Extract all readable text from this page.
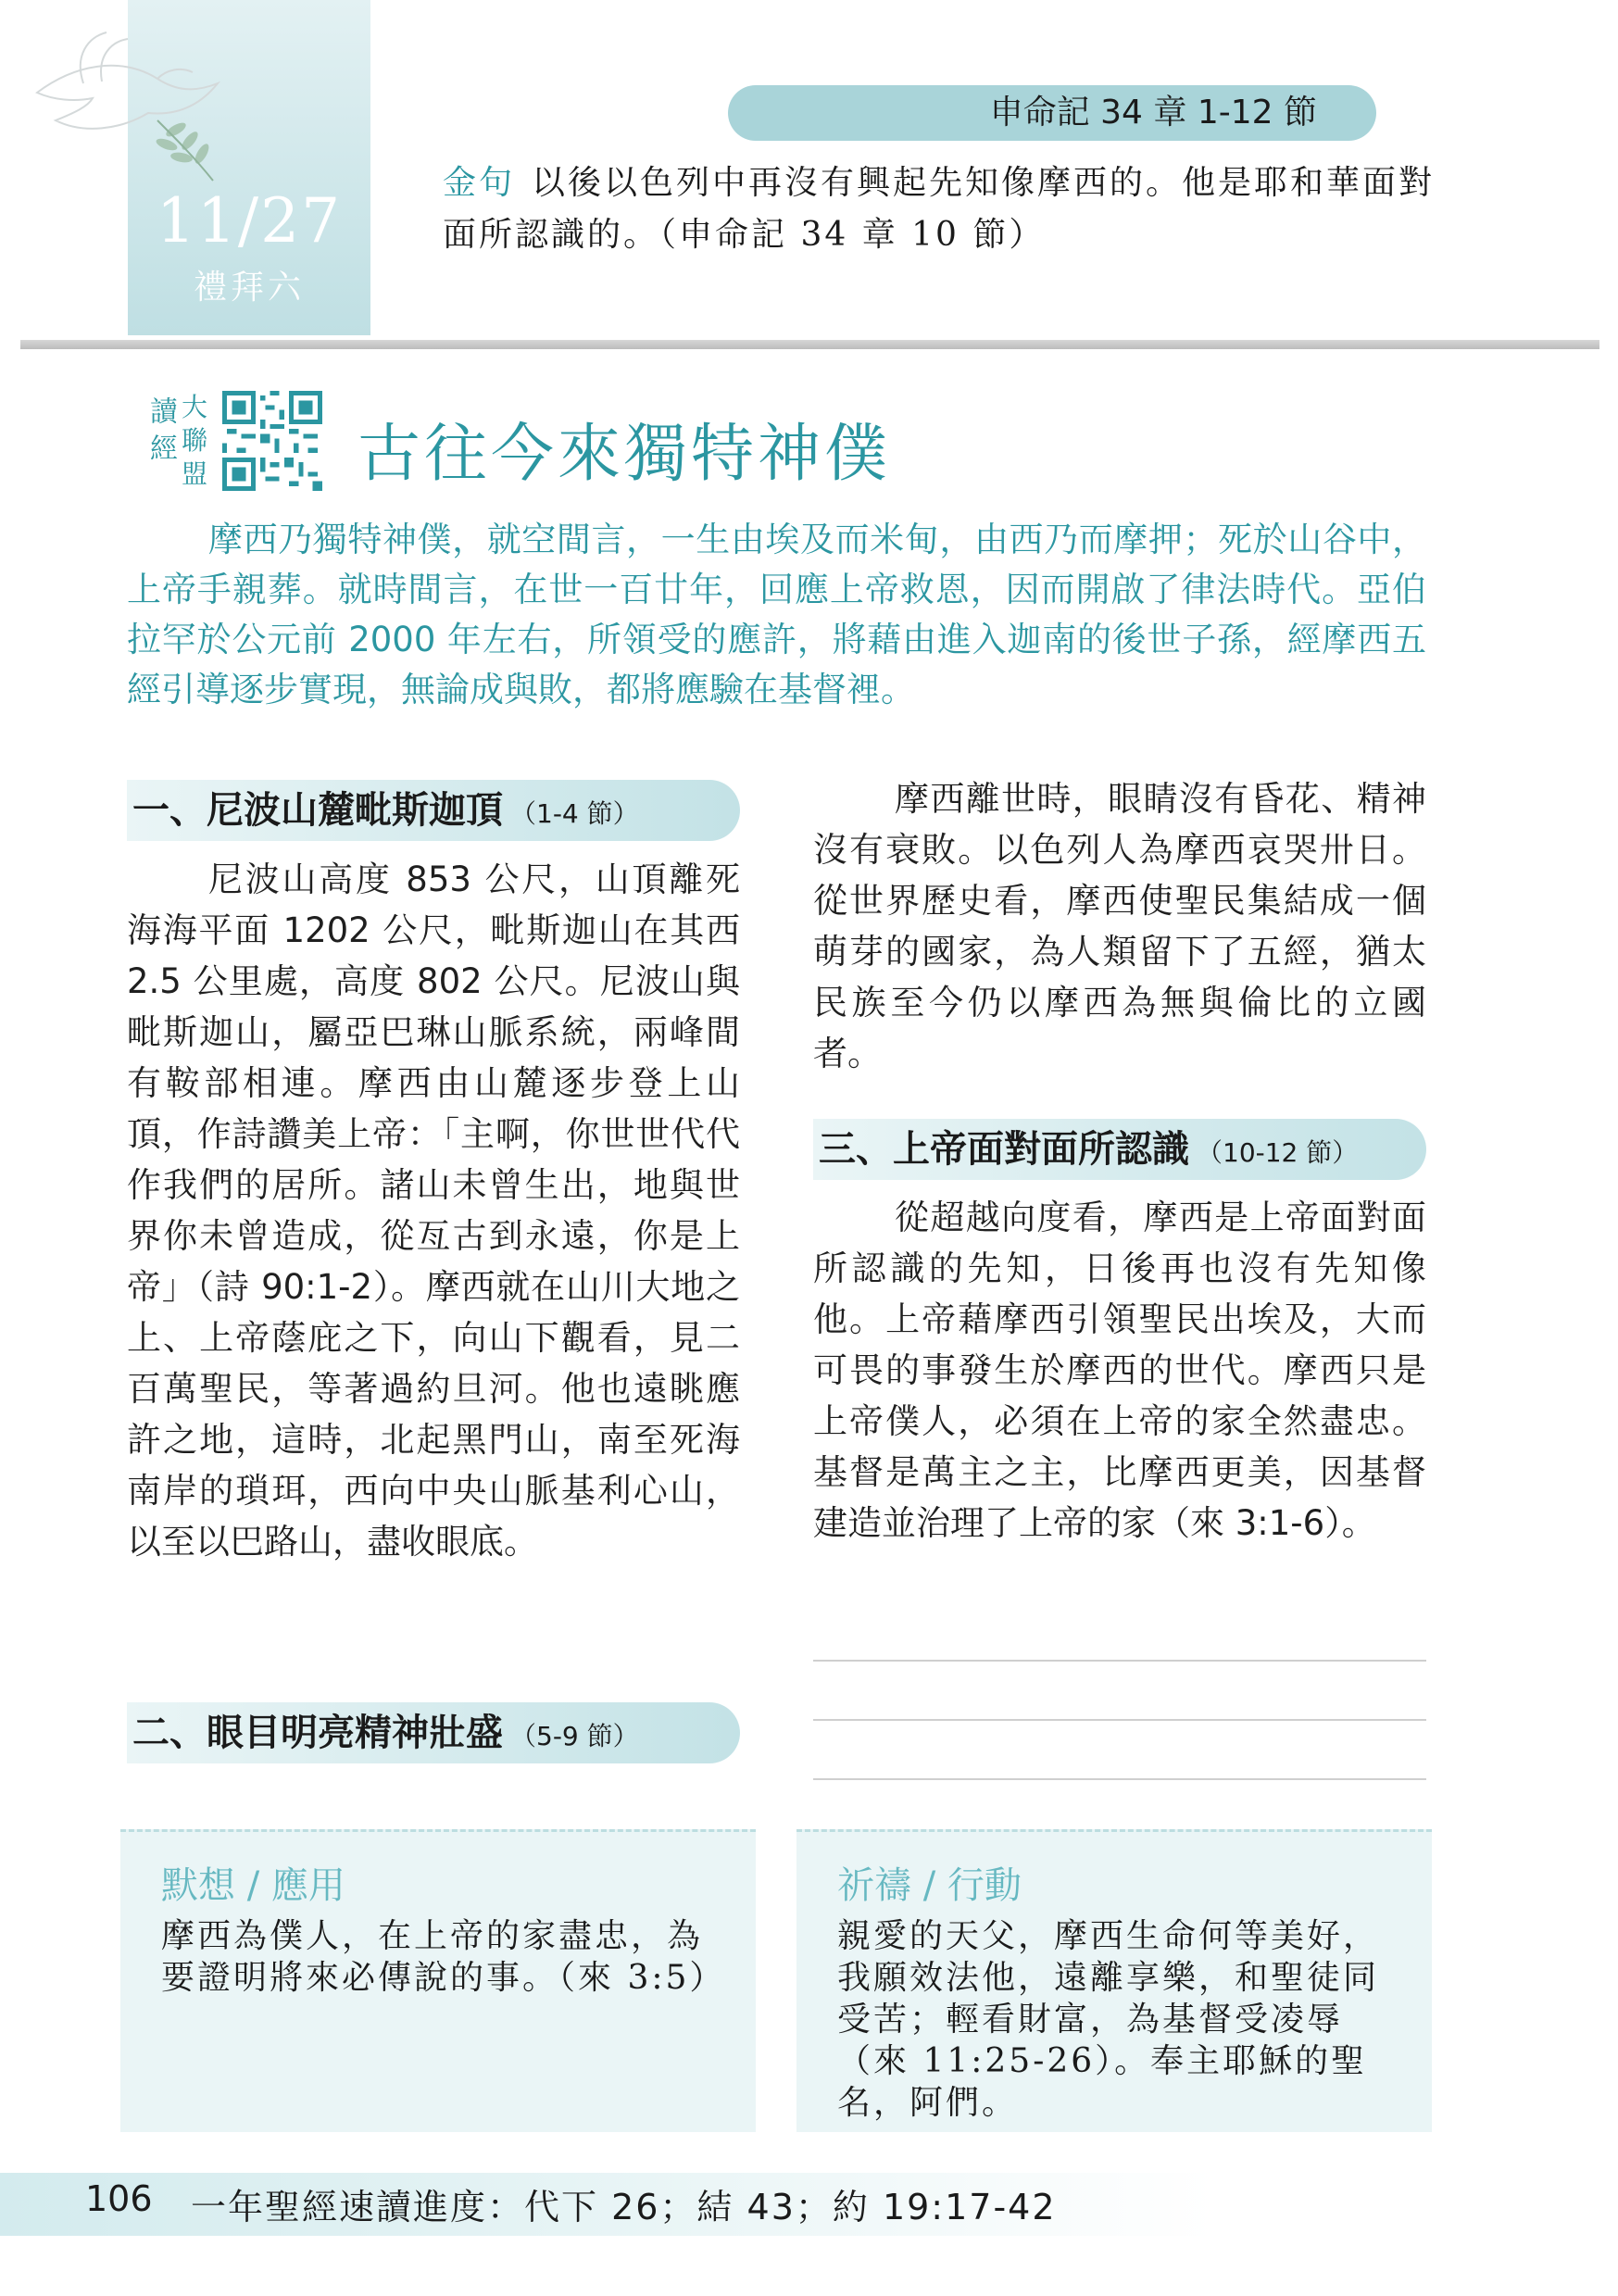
11/27
禮拜六
申命記 34 章 1-12 節
金句 以後以色列中再沒有興起先知像摩西的。他是耶和華面對面所認識的。（申命記 34 章 10 節）
讀經 大聯盟 古往今來獨特神僕
摩西乃獨特神僕，就空間言，一生由埃及而米甸，由西乃而摩押；死於山谷中，上帝手親葬。就時間言，在世一百廿年，回應上帝救恩，因而開啟了律法時代。亞伯拉罕於公元前 2000 年左右，所領受的應許，將藉由進入迦南的後世子孫，經摩西五經引導逐步實現，無論成與敗，都將應驗在基督裡。
一、尼波山麓毗斯迦頂 （1-4 節）
尼波山高度 853 公尺，山頂離死海海平面 1202 公尺，毗斯迦山在其西 2.5 公里處，高度 802 公尺。尼波山與毗斯迦山，屬亞巴琳山脈系統，兩峰間有鞍部相連。摩西由山麓逐步登上山頂，作詩讚美上帝：「主啊，你世世代代作我們的居所。諸山未曾生出，地與世界你未曾造成，從亙古到永遠，你是上帝」（詩 90:1-2）。摩西就在山川大地之上、上帝蔭庇之下，向山下觀看，見二百萬聖民，等著過約旦河。他也遠眺應許之地，這時，北起黑門山，南至死海南岸的瑣珥，西向中央山脈基利心山，以至以巴路山，盡收眼底。
二、眼目明亮精神壯盛 （5-9 節）
摩西離世時，眼睛沒有昏花、精神沒有衰敗。以色列人為摩西哀哭卅日。從世界歷史看，摩西使聖民集結成一個萌芽的國家，為人類留下了五經，猶太民族至今仍以摩西為無與倫比的立國者。
三、上帝面對面所認識 （10-12 節）
從超越向度看，摩西是上帝面對面所認識的先知，日後再也沒有先知像他。上帝藉摩西引領聖民出埃及，大而可畏的事發生於摩西的世代。摩西只是上帝僕人，必須在上帝的家全然盡忠。基督是萬主之主，比摩西更美，因基督建造並治理了上帝的家（來 3:1-6）。
默想 / 應用
摩西為僕人，在上帝的家盡忠，為要證明將來必傳說的事。（來 3:5）
祈禱 / 行動
親愛的天父，摩西生命何等美好，我願效法他，遠離享樂，和聖徒同受苦；輕看財富，為基督受凌辱（來 11:25-26）。奉主耶穌的聖名，阿們。
106 一年聖經速讀進度：代下 26；結 43；約 19:17-42
